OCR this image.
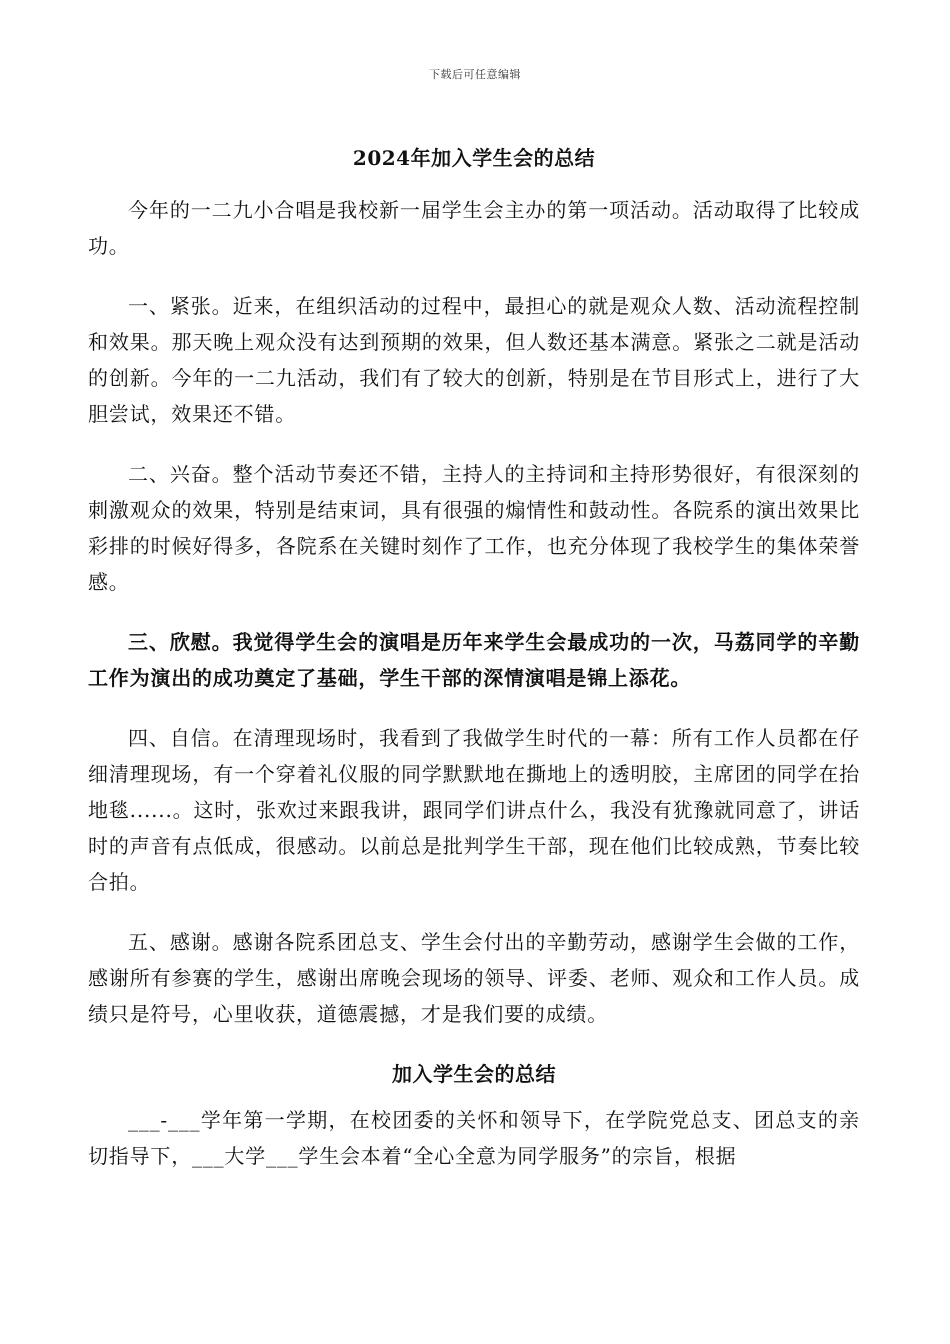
下载后可任意编辑
2024年加入学生会的总结

今年的一二九小合唱是我校新一届学生会主办的第一项活动。活动取得了比较成功。

一、紧张。近来，在组织活动的过程中，最担心的就是观众人数、活动流程控制和效果。那天晚上观众没有达到预期的效果，但人数还基本满意。紧张之二就是活动的创新。今年的一二九活动，我们有了较大的创新，特别是在节目形式上，进行了大胆尝试，效果还不错。

二、兴奋。整个活动节奏还不错，主持人的主持词和主持形势很好，有很深刻的刺激观众的效果，特别是结束词，具有很强的煽情性和鼓动性。各院系的演出效果比彩排的时候好得多，各院系在关键时刻作了工作，也充分体现了我校学生的集体荣誉感。

三、欣慰。我觉得学生会的演唱是历年来学生会最成功的一次，马荔同学的辛勤工作为演出的成功奠定了基础，学生干部的深情演唱是锦上添花。

四、自信。在清理现场时，我看到了我做学生时代的一幕：所有工作人员都在仔细清理现场，有一个穿着礼仪服的同学默默地在撕地上的透明胶，主席团的同学在抬地毯......。这时，张欢过来跟我讲，跟同学们讲点什么，我没有犹豫就同意了，讲话时的声音有点低成，很感动。以前总是批判学生干部，现在他们比较成熟，节奏比较合拍。

五、感谢。感谢各院系团总支、学生会付出的辛勤劳动，感谢学生会做的工作，感谢所有参赛的学生，感谢出席晚会现场的领导、评委、老师、观众和工作人员。成绩只是符号，心里收获，道德震撼，才是我们要的成绩。

加入学生会的总结

___-___学年第一学期，在校团委的关怀和领导下，在学院党总支、团总支的亲切指导下，___大学___学生会本着“全心全意为同学服务”的宗旨，根据
